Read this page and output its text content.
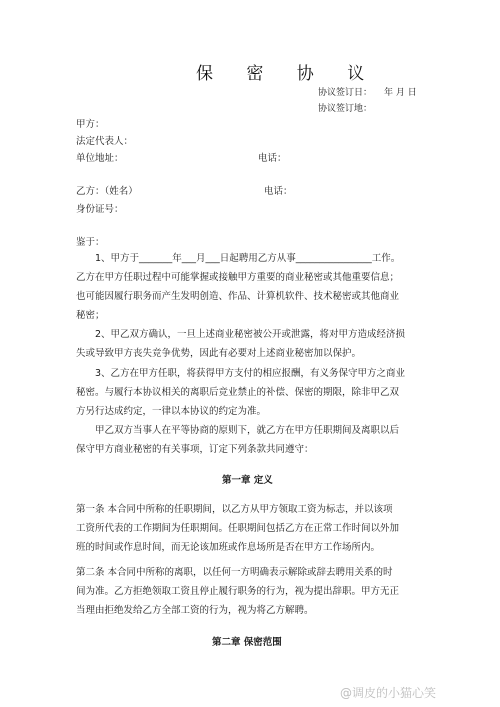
保 密 协 议
协议签订日： 年 月 日
协议签订地：
甲方：
法定代表人：
单位地址：	电话：
乙方：（姓名）	电话：
身份证号：
鉴于：
1、甲方于_______年___月___日起聘用乙方从事________________工作。
乙方在甲方任职过程中可能掌握或接触甲方重要的商业秘密或其他重要信息；
也可能因履行职务而产生发明创造、作品、计算机软件、技术秘密或其他商业
秘密；
2、甲乙双方确认，一旦上述商业秘密被公开或泄露，将对甲方造成经济损
失或导致甲方丧失竞争优势，因此有必要对上述商业秘密加以保护。
3、乙方在甲方任职，将获得甲方支付的相应报酬，有义务保守甲方之商业
秘密。与履行本协议相关的离职后竞业禁止的补偿、保密的期限，除非甲乙双
方另行达成约定，一律以本协议的约定为准。
甲乙双方当事人在平等协商的原则下，就乙方在甲方任职期间及离职以后
保守甲方商业秘密的有关事项，订定下列条款共同遵守：
第一章 定义
第一条 本合同中所称的任职期间，以乙方从甲方领取工资为标志，并以该项
工资所代表的工作期间为任职期间。任职期间包括乙方在正常工作时间以外加
班的时间或作息时间，而无论该加班或作息场所是否在甲方工作场所内。
第二条 本合同中所称的离职，以任何一方明确表示解除或辞去聘用关系的时
间为准。乙方拒绝领取工资且停止履行职务的行为，视为提出辞职。甲方无正
当理由拒绝发给乙方全部工资的行为，视为将乙方解聘。
第二章 保密范围
@调皮的小猫心笑
